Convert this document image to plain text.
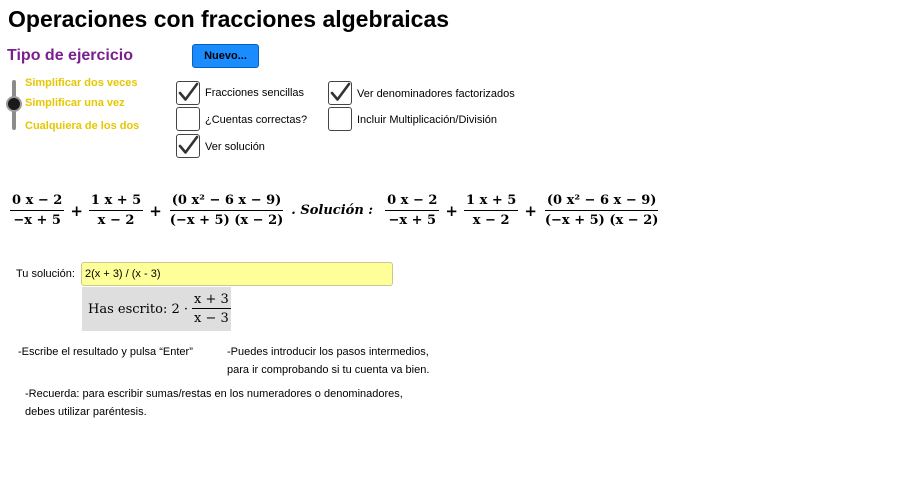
Operaciones con fracciones algebraicas
Tipo de ejercicio	Nuevo...
Simplificar dos veces
Simplificar una vez
Cualquiera de los dos
Fracciones sencillas
¿Cuentas correctas?
Ver solución
Ver denominadores factorizados
Incluir Multiplicación/División
$\frac{0 x - 2}{-x + 5} + \frac{1 x + 5}{x - 2} + \frac{\text{(0 x² − 6 x − 9)}}{(-x + 5) (x - 2)}$ . Solución : $\frac{0 x - 2}{-x + 5} + \frac{1 x + 5}{x - 2} + \frac{\text{(0 x² − 6 x − 9)}}{(-x + 5) (x - 2)}$
Tu solución:
2(x + 3) / (x - 3)
Has escrito: $2 \cdot \frac{x + 3}{x - 3}$
-Escribe el resultado y pulsa “Enter”	-Puedes introducir los pasos intermedios,
para ir comprobando si tu cuenta va bien.
-Recuerda: para escribir sumas/restas en los numeradores o denominadores,
debes utilizar paréntesis.
